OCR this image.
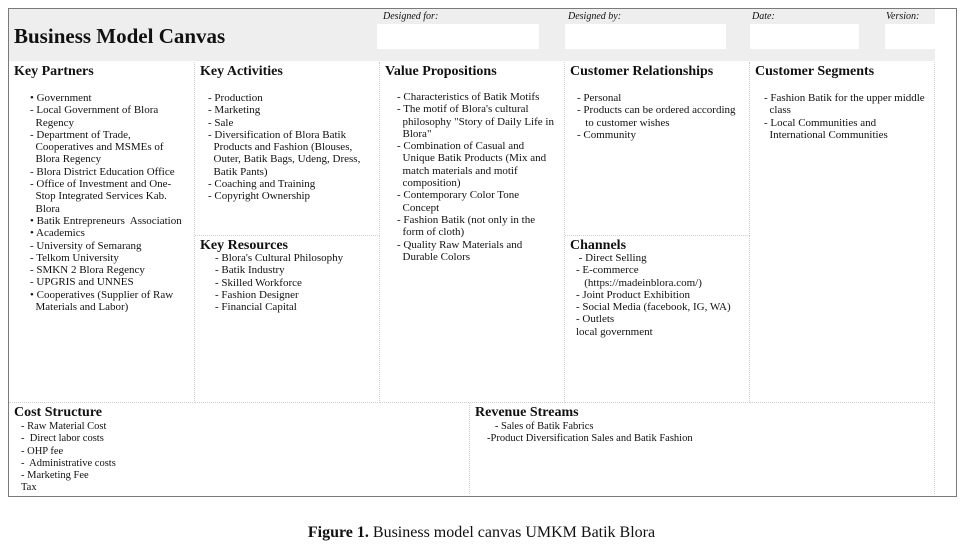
Business Model Canvas
Designed for:	Designed by:	Date:	Version:
Key Partners
• Government
- Local Government of Blora
Regency
- Department of Trade,
Cooperatives and MSMEs of
Blora Regency
- Blora District Education Office
- Office of Investment and One-
Stop Integrated Services Kab.
Blora
• Batik Entrepreneurs  Association
• Academics
- University of Semarang
- Telkom University
- SMKN 2 Blora Regency
- UPGRIS and UNNES
• Cooperatives (Supplier of Raw
Materials and Labor)
Key Activities
- Production
- Marketing
- Sale
- Diversification of Blora Batik
Products and Fashion (Blouses,
Outer, Batik Bags, Udeng, Dress,
Batik Pants)
- Coaching and Training
- Copyright Ownership
Key Resources
- Blora's Cultural Philosophy
- Batik Industry
- Skilled Workforce
- Fashion Designer
- Financial Capital
Value Propositions
- Characteristics of Batik Motifs
- The motif of Blora's cultural
philosophy "Story of Daily Life in
Blora"
- Combination of Casual and
Unique Batik Products (Mix and
match materials and motif
composition)
- Contemporary Color Tone
Concept
- Fashion Batik (not only in the
form of cloth)
- Quality Raw Materials and
Durable Colors
Customer Relationships
- Personal
- Products can be ordered according
to customer wishes
- Community
Channels
- Direct Selling
- E-commerce
(https://madeinblora.com/)
- Joint Product Exhibition
- Social Media (facebook, IG, WA)
- Outlets
local government
Customer Segments
- Fashion Batik for the upper middle
class
- Local Communities and
International Communities
Cost Structure
- Raw Material Cost
-  Direct labor costs
- OHP fee
-  Administrative costs
- Marketing Fee
Tax
Revenue Streams
- Sales of Batik Fabrics
-Product Diversification Sales and Batik Fashion
Figure 1. Business model canvas UMKM Batik Blora
